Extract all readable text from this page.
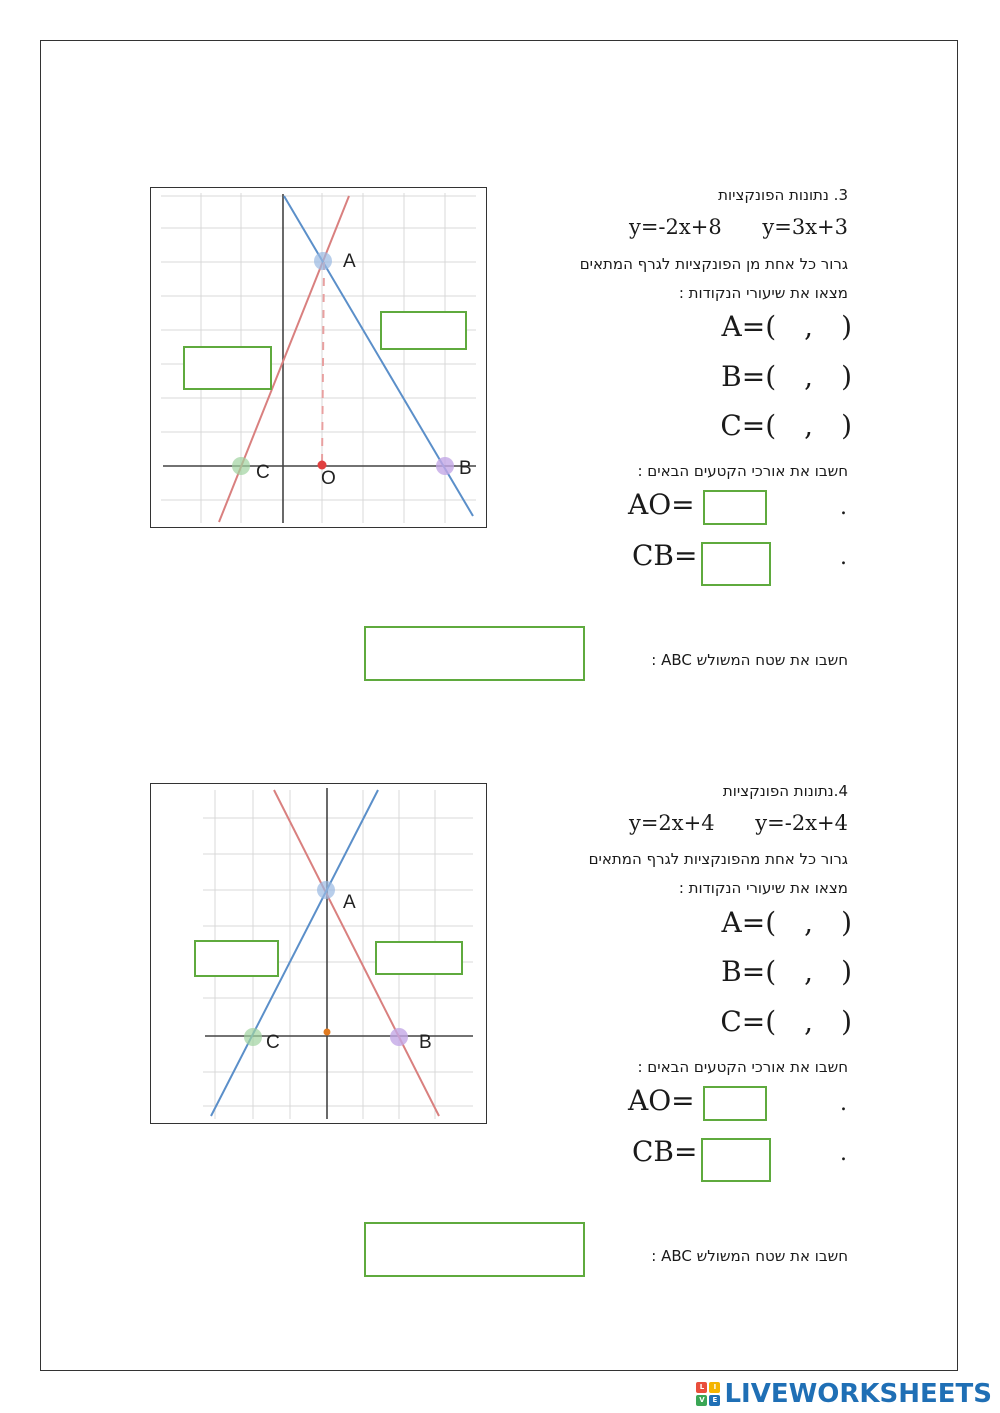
A
C	B
O
3. נתונות הפונקציות
y=-2x+8 y=3x+3
גרור כל אחת מן הפונקציות לגרף המתאים
מצאו את שיעורי הנקודות :
A=( , )
B=( , )
C=( , )
חשבו את אורכי הקטעים הבאים :
AO=	.
CB=	.
חשבו את שטח המשולש ABC :
A
C	B
4.נתונות הפונקציות
y=2x+4 y=-2x+4
גרור כל אחת מהפונקציות לגרף המתאים
מצאו את שיעורי הנקודות :
A=( , )
B=( , )
C=( , )
חשבו את אורכי הקטעים הבאים :
AO=	.
CB=	.
חשבו את שטח המשולש ABC :
L	I
V	E LIVEWORKSHEETS
